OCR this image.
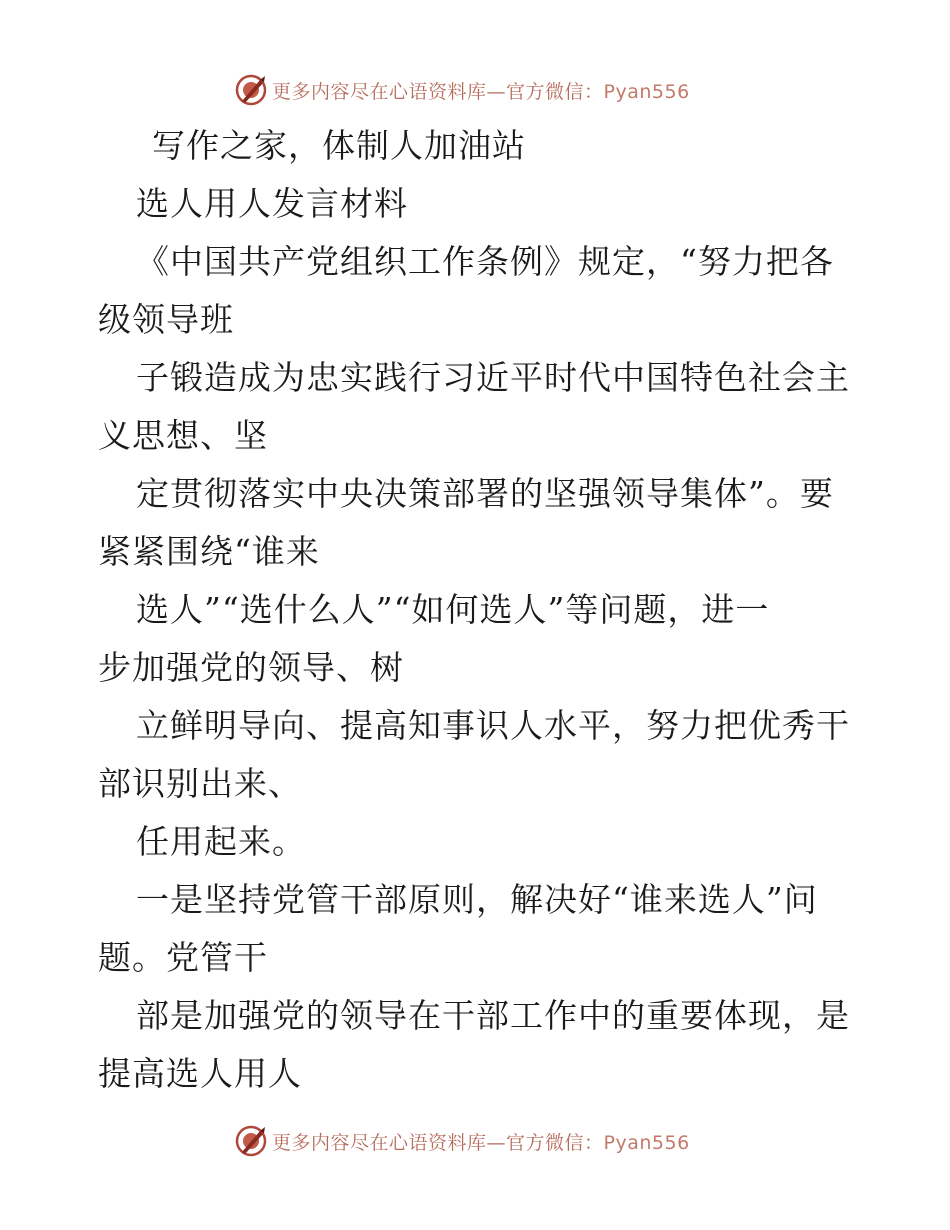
更多内容尽在心语资料库—官方微信：Pyan556
写作之家，体制人加油站
选人用人发言材料
《中国共产党组织工作条例》规定，“努力把各
级领导班
子锻造成为忠实践行习近平时代中国特色社会主
义思想、坚
定贯彻落实中央决策部署的坚强领导集体”。要
紧紧围绕“谁来
选人”“选什么人”“如何选人”等问题，进一
步加强党的领导、树
立鲜明导向、提高知事识人水平，努力把优秀干
部识别出来、
任用起来。
一是坚持党管干部原则，解决好“谁来选人”问
题。党管干
部是加强党的领导在干部工作中的重要体现，是
提高选人用人
更多内容尽在心语资料库—官方微信：Pyan556
